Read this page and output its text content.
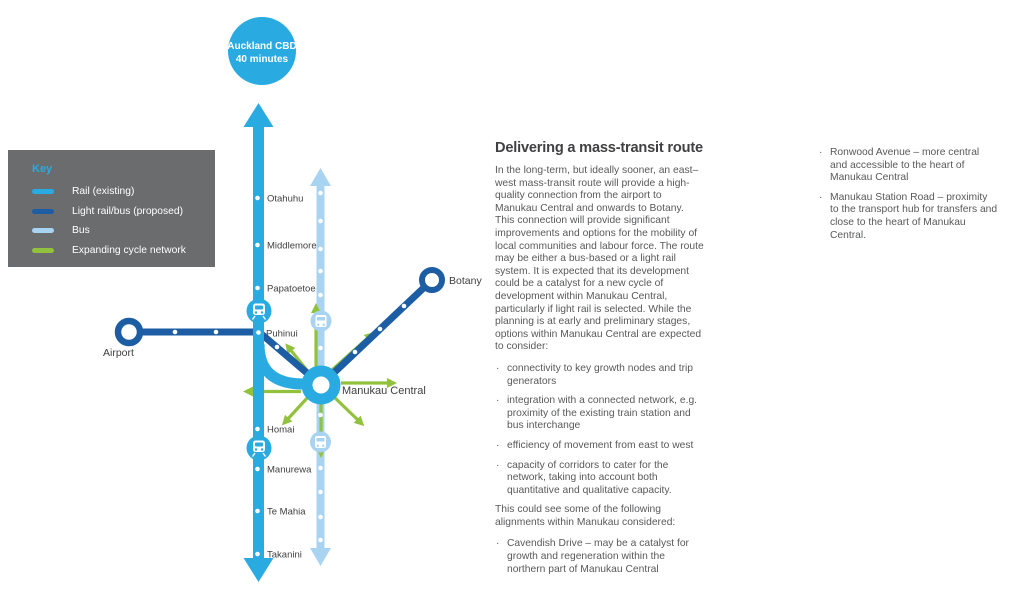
Auckland CBD
40 minutes
Otahuhu
Middlemore
Papatoetoe
Puhinui
Homai
Manurewa
Te Mahia
Takanini
Airport
Botany
Manukau Central
Key
Rail (existing)
Light rail/bus (proposed)
Bus
Expanding cycle network
Delivering a mass-transit route

In the long-term, but ideally sooner, an east–west mass-transit route will provide a high-quality connection from the airport to Manukau Central and onwards to Botany. This connection will provide significant improvements and options for the mobility of local communities and labour force. The route may be either a bus-based or a light rail system. It is expected that its development could be a catalyst for a new cycle of development within Manukau Central, particularly if light rail is selected. While the planning is at early and preliminary stages, options within Manukau Central are expected to consider:

· connectivity to key growth nodes and trip generators
· integration with a connected network, e.g. proximity of the existing train station and bus interchange
· efficiency of movement from east to west
· capacity of corridors to cater for the network, taking into account both quantitative and qualitative capacity.

This could see some of the following alignments within Manukau considered:

· Cavendish Drive – may be a catalyst for growth and regeneration within the northern part of Manukau Central
· Ronwood Avenue – more central and accessible to the heart of Manukau Central
· Manukau Station Road – proximity to the transport hub for transfers and close to the heart of Manukau Central.
